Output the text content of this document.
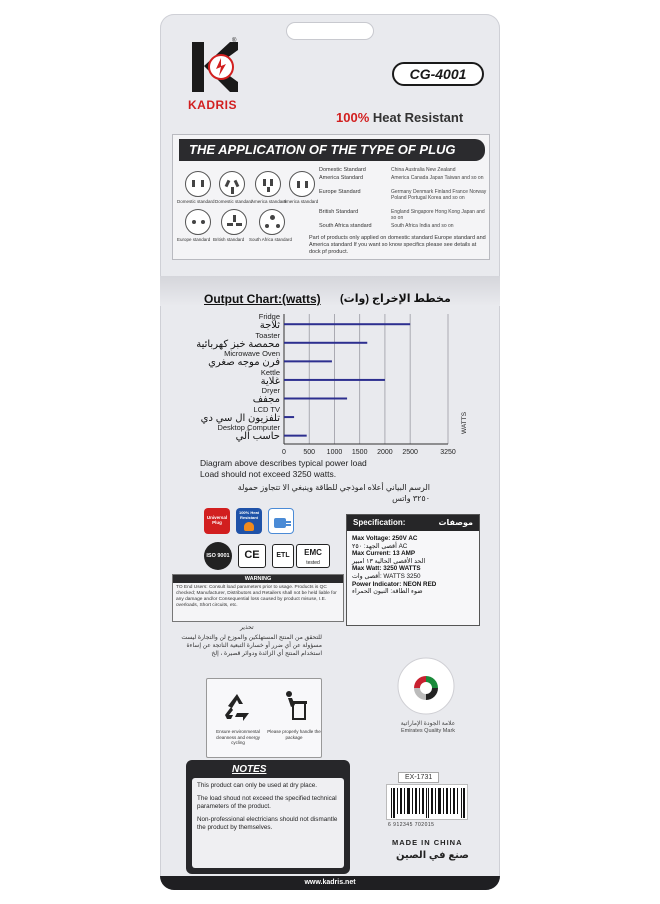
®
KADRIS
CG-4001
100% Heat Resistant
THE APPLICATION OF THE TYPE OF PLUG
Domestic standard Domestic standard
America standard
America standard
Europe standard British standard South Africa standard
Domestic Standard	China Australia New Zealand
America Standard	America Canada Japan Taiwan and so on
Europe Standard	Germany Denmark Finland France Norway Poland Portugal Korea and so on
British Standard	England Singapore Hong Kong Japan and so on
South Africa standard	South Africa India and so on
Part of products only applied on domestic standard Europe standard and America standard If you want so know specifics please see details at dock pf product.
Output Chart:(watts) مخطط الإخراج (وات)
Fridge
ثلاجة
Toaster
محمصة خبز كهربائية
Microwave Oven
فرن موجه صغري
Kettle
غلاية
Dryer
مجفف
LCD TV
تلفزيون ال سي دي
Desktop Computer
حاسب آلي
0 500 1000 1500 2000 2500	3250
WATTS
Diagram above describes typical power load
Load should not exceed 3250 watts.
الرسم البياني أعلاه اموذجي للطاقة وينبغي الا تتجاوز حمولة
٣٢٥٠ واتس
Universal Plug
100% Heat Resistant
ISO 9001	CE	ETL	EMC
tested
Specification:	موصفات
Max Voltage: 250V AC
أقصى الجهد: ٢٥٠ AC
Max Current: 13 AMP
الحد الأقصى الحالية ١٣ امبير
Max Watt: 3250 WATTS
أقصى وات: WATTS 3250
Power Indicator: NEON RED
ضوء الطاقة: النيون الحمراء
WARNING
TO End Users: Consult load parameters prior to usage. Products is QC checked; Manufacturer, Distributors and Retailers shall not be held liable for any damage and/or Consequential loss caused by product misuse, I.E. overloads, Short circuits, etc.
تحذير
للتحقق من المنتج المستهلكين والموزع لن والتجارة ليست مسؤولة عن أي ضرر أو خسارة التبعية الناتجة عن إساءة استخدام المنتج أي الزائدة ودوائر قصيرة ، إلخ
علامة الجودة الإماراتية
Emirates Quality Mark
Ensure environmental cleanness and energy cycling
Please properly handle the package
NOTES
This product can only be used at dry place.
The load shoud not exceed the specified technical parameters of the product.
Non-professional electricians should not dismantle the product by themselves.
EX-1731
6 912345 702015
MADE IN CHINA
صنع في الصين
www.kadris.net
